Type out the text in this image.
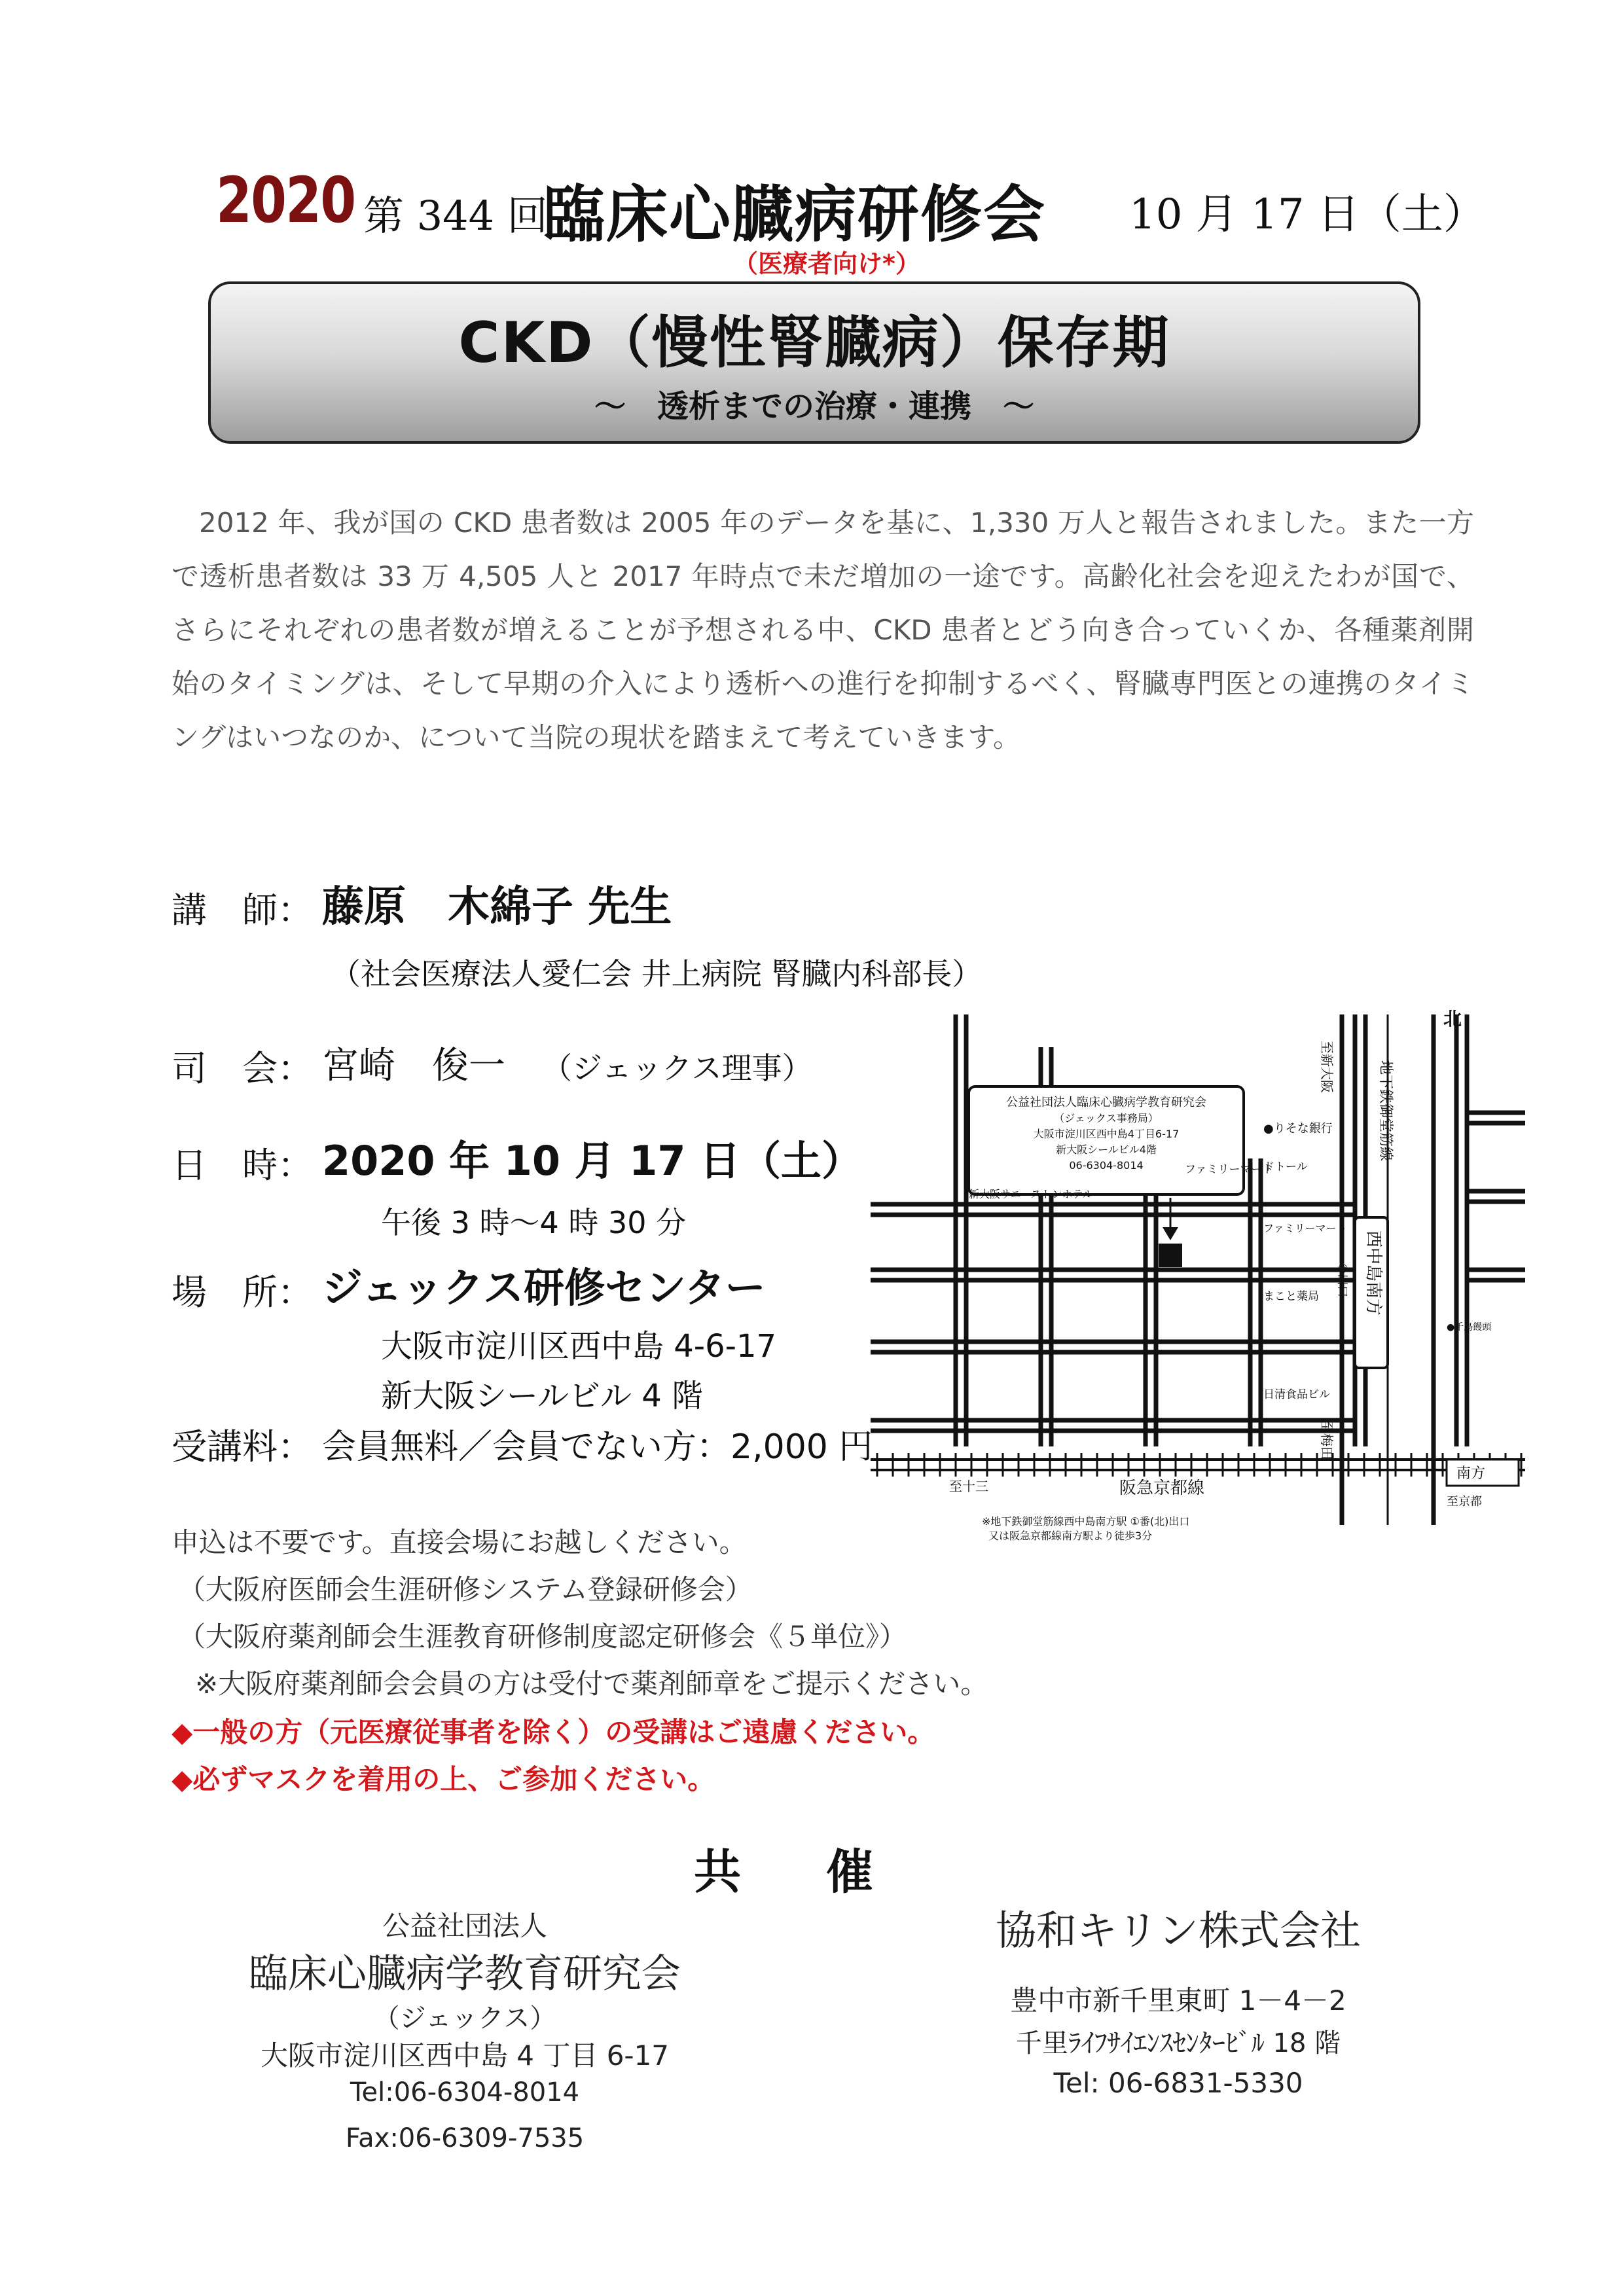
2020 第 344 回
臨床心臓病研修会 10 月 17 日（土）
（医療者向け*）
CKD（慢性腎臓病）保存期
～　透析までの治療・連携　～
2012 年、我が国の CKD 患者数は 2005 年のデータを基に、1,330 万人と報告されました。また一方で透析患者数は 33 万 4,505 人と 2017 年時点で未だ増加の一途です。高齢化社会を迎えたわが国で、さらにそれぞれの患者数が増えることが予想される中、CKD 患者とどう向き合っていくか、各種薬剤開始のタイミングは、そして早期の介入により透析への進行を抑制するべく、腎臓専門医との連携のタイミングはいつなのか、について当院の現状を踏まえて考えていきます。
講　師： 藤原　木綿子 先生
（社会医療法人愛仁会 井上病院 腎臓内科部長）
司　会： 宮崎　俊一 （ジェックス理事）
日　時： 2020 年 10 月 17 日（土）
午後 3 時～4 時 30 分
場　所： ジェックス研修センター
大阪市淀川区西中島 4-6-17
新大阪シールビル 4 階
受講料： 会員無料／会員でない方：2,000 円
申込は不要です。直接会場にお越しください。
（大阪府医師会生涯研修システム登録研修会）
（大阪府薬剤師会生涯教育研修制度認定研修会《５単位》）
※大阪府薬剤師会会員の方は受付で薬剤師章をご提示ください。
◆一般の方（元医療従事者を除く）の受講はご遠慮ください。
◆必ずマスクを着用の上、ご参加ください。
共催
公益社団法人
臨床心臓病学教育研究会
（ジェックス）
大阪市淀川区西中島 4 丁目 6-17
Tel:06-6304-8014
Fax:06-6309-7535
協和キリン株式会社
豊中市新千里東町 1－4－2
千里ﾗｲﾌｻｲｴﾝｽｾﾝﾀｰﾋﾞﾙ 18 階
Tel: 06-6831-5330
公益社団法人臨床心臓病学教育研究会
（ジェックス事務局）
大阪市淀川区西中島4丁目6-17
新大阪シールビル4階
06-6304-8014
北
至新大阪	地下鉄御堂筋線
至梅田
西中島南方
①出口
●りそな銀行
ドトール
ファミリーマート
ファミリーマート
新大阪サニーストンホテル
まこと薬局
日清食品ビル
●千鳥饅頭
至十三	阪急京都線
南方
至京都
※地下鉄御堂筋線西中島南方駅 ①番(北)出口
又は阪急京都線南方駅より徒歩3分
